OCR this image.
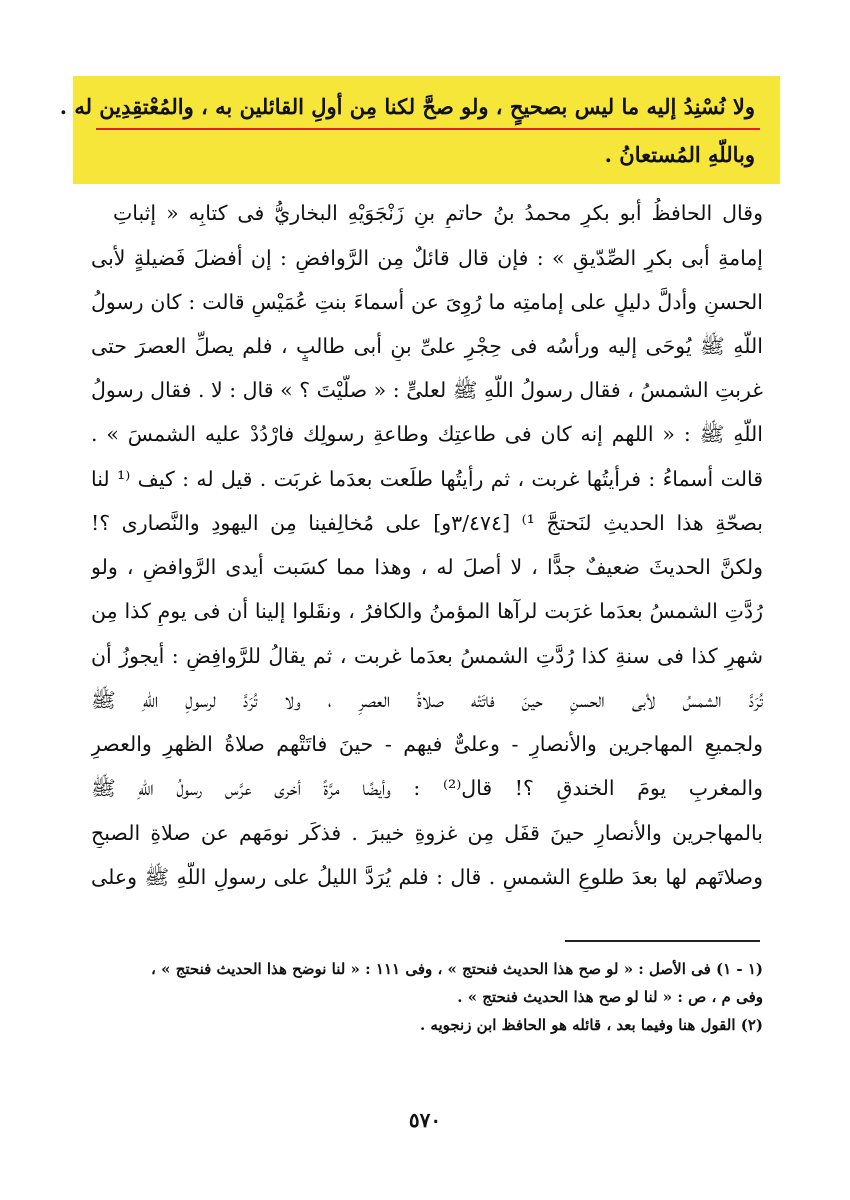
ولا نُسْنِدُ إليه ما ليس بصحيحٍ ، ولو صحَّ لكنا مِن أولِ القائلين به ، والمُعْتقِدِين له .
وباللّهِ المُستعانُ .
وقال الحافظُ أبو بكرٍ محمدُ بنُ حاتمِ بنِ زَنْجَوَيْهِ البخاريُّ فى كتابِه « إثباتِ
إمامةِ أبى بكرٍ الصِّدّيقِ » : فإن قال قائلٌ مِن الرَّوافضِ : إن أفضلَ فَضيلةٍ لأبى
الحسنِ وأدلَّ دليلٍ على إمامتِه ما رُوِىَ عن أسماءَ بنتِ عُمَيْسٍ قالت : كان رسولُ
اللّهِ ﷺ يُوحَى إليه ورأسُه فى حِجْرِ علىِّ بنِ أبى طالبٍ ، فلم يصلِّ العصرَ حتى
غربتِ الشمسُ ، فقال رسولُ اللّهِ ﷺ لعلىٍّ : « صلَّيْتَ ؟ » قال : لا . فقال رسولُ
اللّهِ ﷺ : « اللهم إنه كان فى طاعتِك وطاعةِ رسولِك فارْدُدْ عليه الشمسَ » .
قالت أسماءُ : فرأيتُها غربت ، ثم رأيتُها طلَعت بعدَما غربَت . قيل له : كيف ⁽¹ لنا
بصحّةِ هذا الحديثِ لنَحتجَّ ¹⁾ [٣/٤٧٤و] على مُخالِفينا مِن اليهودِ والنَّصارى ؟!
ولكنَّ الحديثَ ضعيفٌ جدًّا ، لا أصلَ له ، وهذا مما كسَبت أيدى الرَّوافضِ ، ولو
رُدَّتِ الشمسُ بعدَما غرَبت لرآها المؤمنُ والكافرُ ، ونقَلوا إلينا أن فى يومِ كذا مِن
شهرِ كذا فى سنةِ كذا رُدَّتِ الشمسُ بعدَما غربت ، ثم يقالُ للرَّوافِضِ : أيجوزُ أن
تُرَدَّ الشمسُ لأبى الحسنِ حينَ فاتَتْه صلاةُ العصرِ ، ولا تُرَدَّ لرسولِ اللّهِ ﷺ
ولجميعِ المهاجرين والأنصارِ - وعلىٌّ فيهم - حينَ فاتَتْهم صلاةُ الظهرِ والعصرِ
والمغربِ يومَ الخندقِ ؟! قال⁽²⁾ : وأيضًا مرَّةً أخرى عرَّس رسولُ اللّهِ ﷺ
بالمهاجرين والأنصارِ حينَ قفَل مِن غزوةِ خيبرَ . فذكَر نومَهم عن صلاةِ الصبحِ
وصلاتَهم لها بعدَ طلوعِ الشمسِ . قال : فلم يُرَدَّ الليلُ على رسولِ اللّهِ ﷺ وعلى
(١ - ١) فى الأصل : « لو صح هذا الحديث فنحتج » ، وفى ١١١ : « لنا نوضح هذا الحديث فنحتج » ،
وفى م ، ص : « لنا لو صح هذا الحديث فنحتج » .
(٢) القول هنا وفيما بعد ، قائله هو الحافظ ابن زنجويه .
٥٧٠
